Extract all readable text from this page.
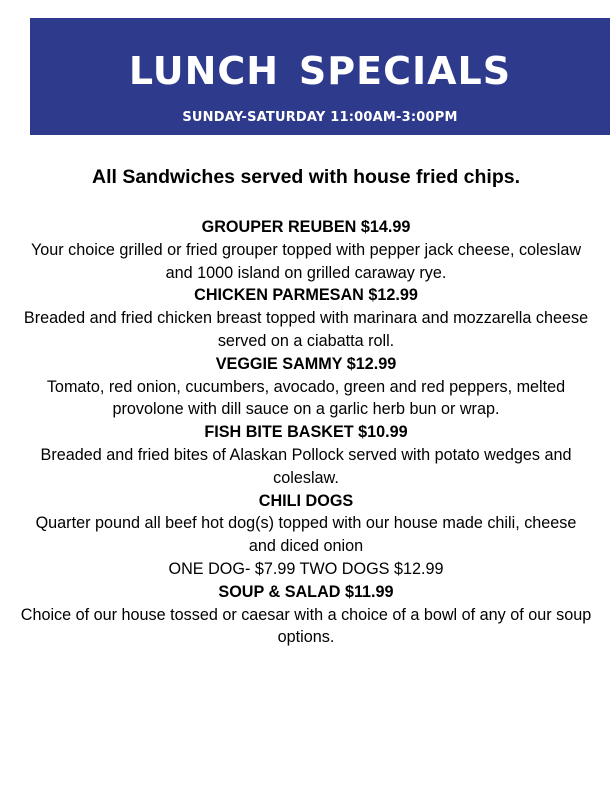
lunch specials
SUNDAY-SATURDAY 11:00AM-3:00PM
All Sandwiches served with house fried chips.
GROUPER REUBEN $14.99
Your choice grilled or fried grouper topped with pepper jack cheese, coleslaw and 1000 island on grilled caraway rye.
CHICKEN PARMESAN $12.99
Breaded and fried chicken breast topped with marinara and mozzarella cheese served on a ciabatta roll.
VEGGIE SAMMY $12.99
Tomato, red onion, cucumbers, avocado, green and red peppers, melted provolone with dill sauce on a garlic herb bun or wrap.
FISH BITE BASKET $10.99
Breaded and fried bites of Alaskan Pollock served with potato wedges and coleslaw.
CHILI DOGS
Quarter pound all beef hot dog(s) topped with our house made chili, cheese and diced onion
ONE DOG- $7.99 TWO DOGS $12.99
SOUP & SALAD $11.99
Choice of our house tossed or caesar with a choice of a bowl of any of our soup options.
